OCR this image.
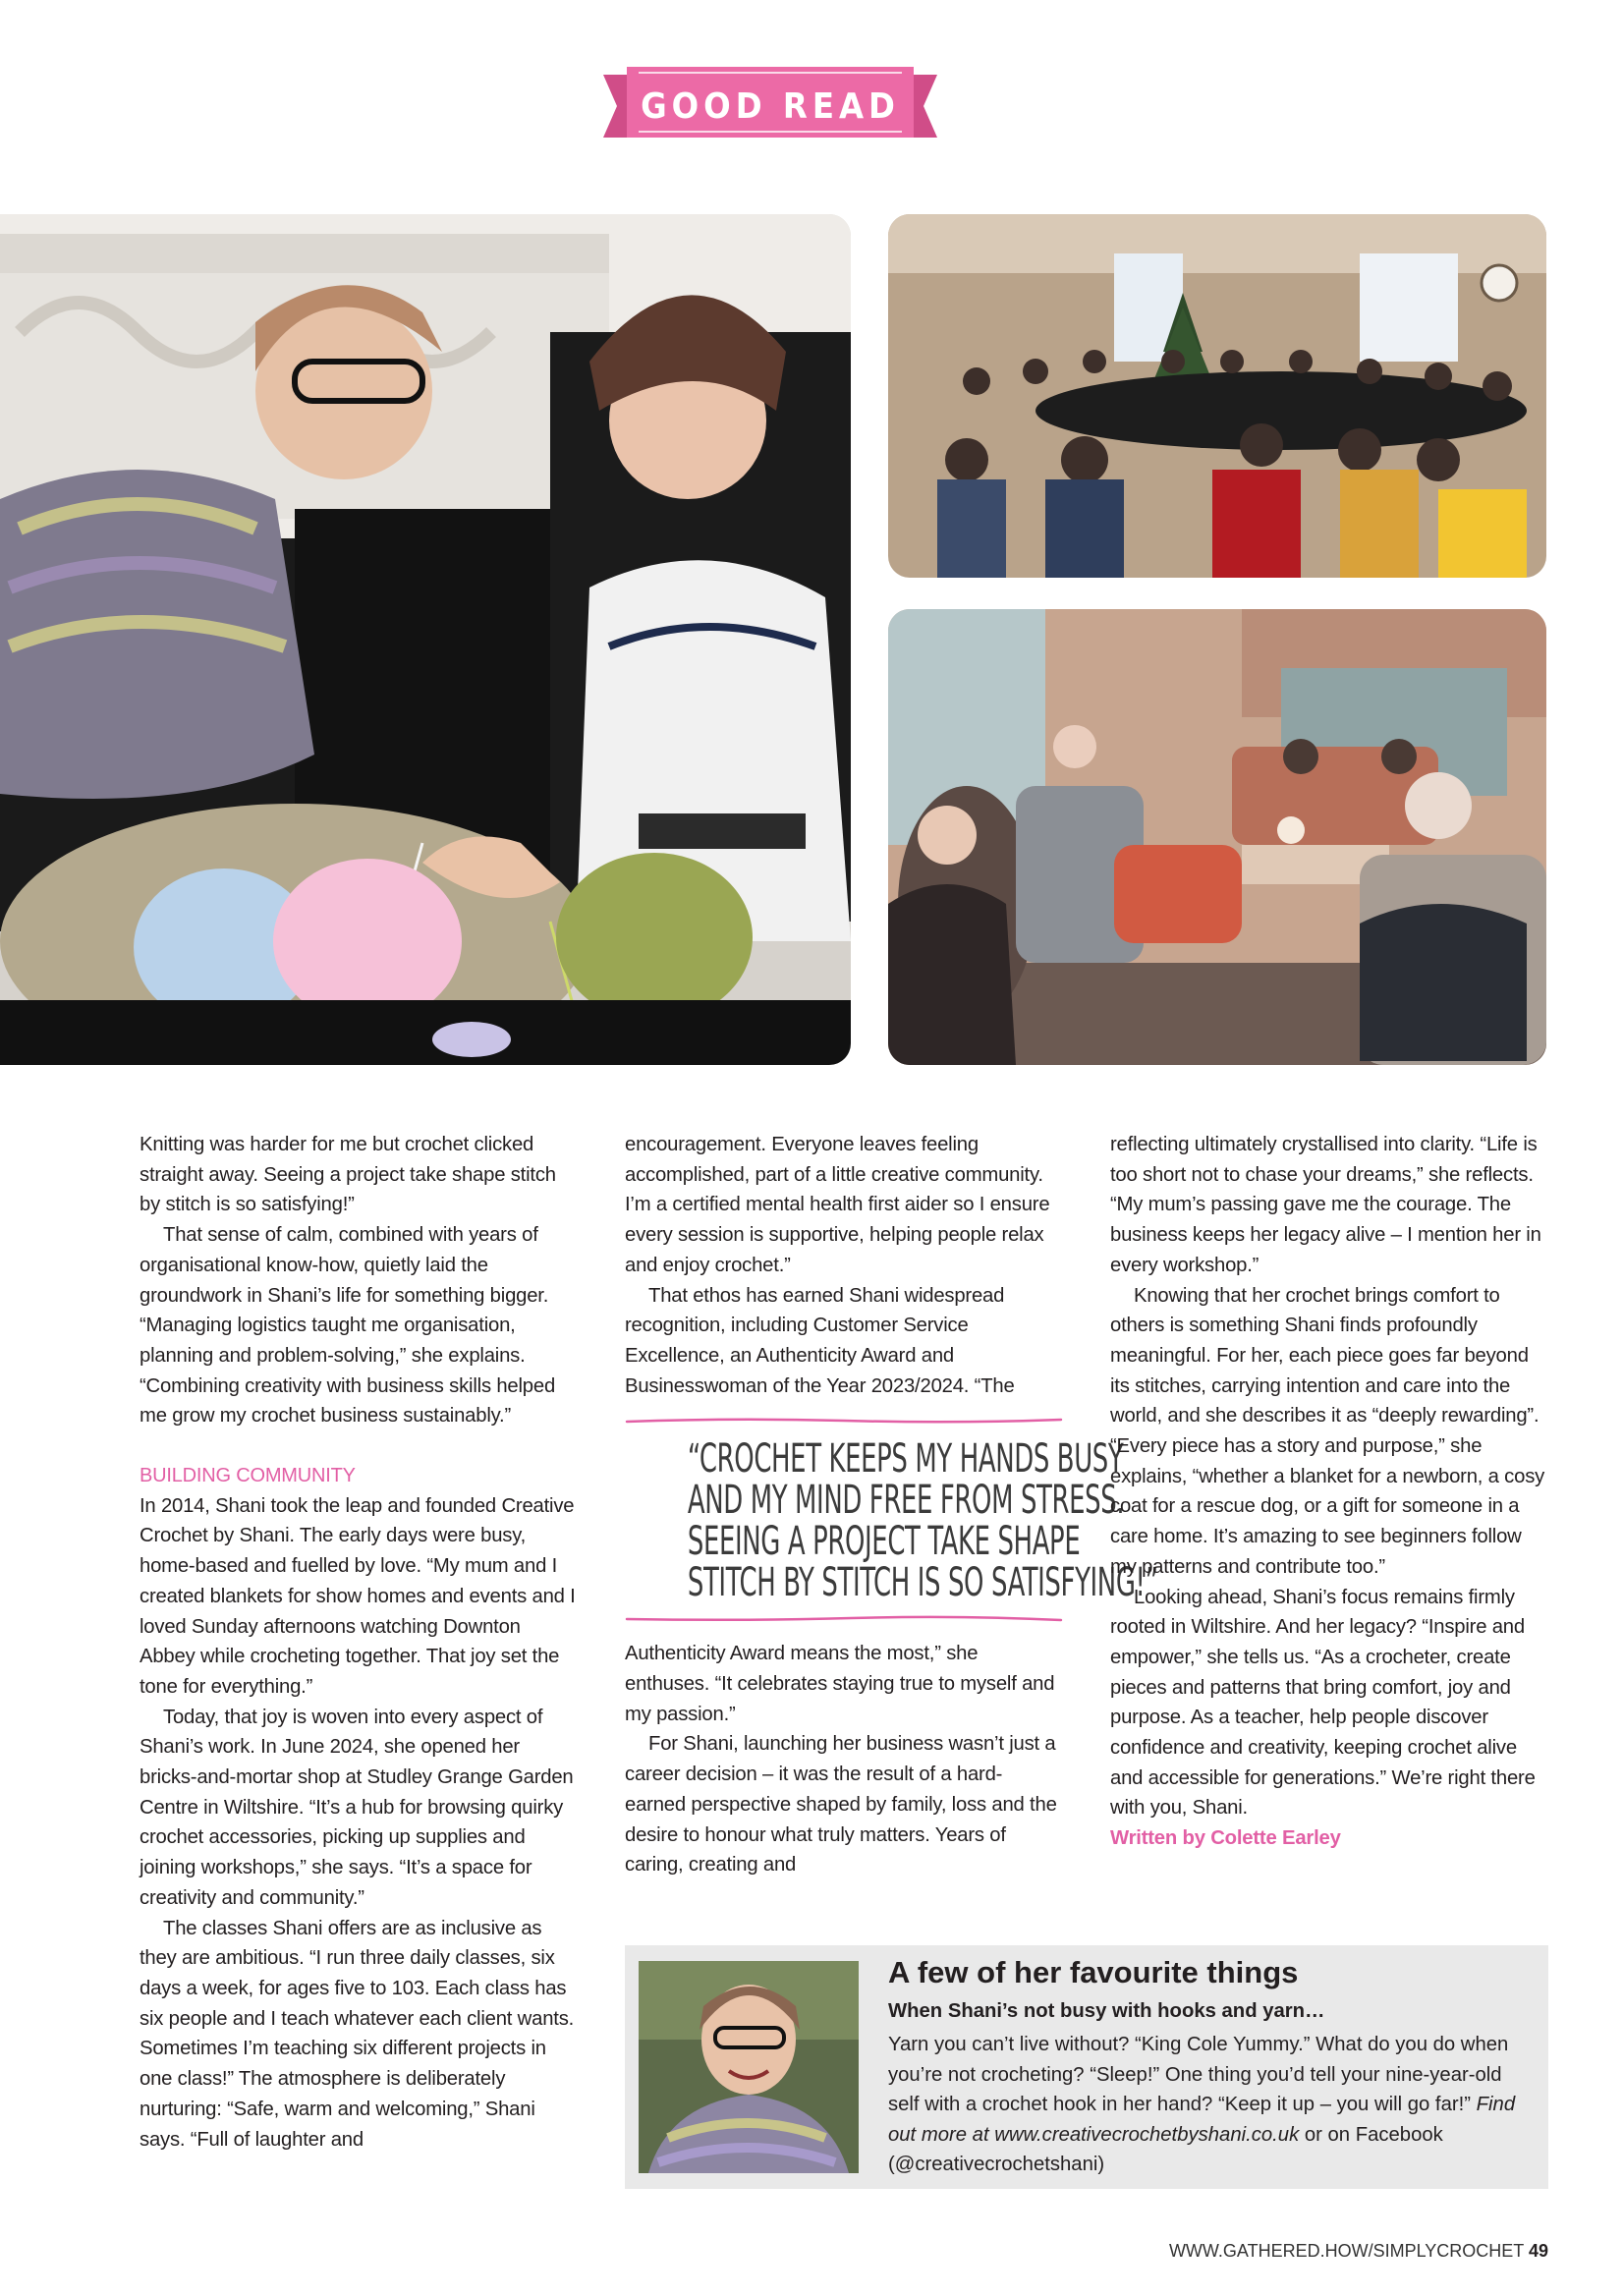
GOOD READ

Knitting was harder for me but crochet clicked straight away. Seeing a project take shape stitch by stitch is so satisfying!”

That sense of calm, combined with years of organisational know-how, quietly laid the groundwork in Shani’s life for something bigger. “Managing logistics taught me organisation, planning and problem-solving,” she explains. “Combining creativity with business skills helped me grow my crochet business sustainably.”

BUILDING COMMUNITY

In 2014, Shani took the leap and founded Creative Crochet by Shani. The early days were busy, home-based and fuelled by love. “My mum and I created blankets for show homes and events and I loved Sunday afternoons watching Downton Abbey while crocheting together. That joy set the tone for everything.”

Today, that joy is woven into every aspect of Shani’s work. In June 2024, she opened her bricks-and-mortar shop at Studley Grange Garden Centre in Wiltshire. “It’s a hub for browsing quirky crochet accessories, picking up supplies and joining workshops,” she says. “It’s a space for creativity and community.”

The classes Shani offers are as inclusive as they are ambitious. “I run three daily classes, six days a week, for ages five to 103. Each class has six people and I teach whatever each client wants. Sometimes I’m teaching six different projects in one class!” The atmosphere is deliberately nurturing: “Safe, warm and welcoming,” Shani says. “Full of laughter and

encouragement. Everyone leaves feeling accomplished, part of a little creative community. I’m a certified mental health first aider so I ensure every session is supportive, helping people relax and enjoy crochet.”

That ethos has earned Shani widespread recognition, including Customer Service Excellence, an Authenticity Award and Businesswoman of the Year 2023/2024. “The

“CROCHET KEEPS MY HANDS BUSY
AND MY MIND FREE FROM STRESS.
SEEING A PROJECT TAKE SHAPE
STITCH BY STITCH IS SO SATISFYING!”

Authenticity Award means the most,” she enthuses. “It celebrates staying true to myself and my passion.”

For Shani, launching her business wasn’t just a career decision – it was the result of a hard-earned perspective shaped by family, loss and the desire to honour what truly matters. Years of caring, creating and

reflecting ultimately crystallised into clarity. “Life is too short not to chase your dreams,” she reflects. “My mum’s passing gave me the courage. The business keeps her legacy alive – I mention her in every workshop.”

Knowing that her crochet brings comfort to others is something Shani finds profoundly meaningful. For her, each piece goes far beyond its stitches, carrying intention and care into the world, and she describes it as “deeply rewarding”. “Every piece has a story and purpose,” she explains, “whether a blanket for a newborn, a cosy coat for a rescue dog, or a gift for someone in a care home. It’s amazing to see beginners follow my patterns and contribute too.”

Looking ahead, Shani’s focus remains firmly rooted in Wiltshire. And her legacy? “Inspire and empower,” she tells us. “As a crocheter, create pieces and patterns that bring comfort, joy and purpose. As a teacher, help people discover confidence and creativity, keeping crochet alive and accessible for generations.” We’re right there with you, Shani.

Written by Colette Earley

A few of her favourite things
When Shani’s not busy with hooks and yarn…
Yarn you can’t live without? “King Cole Yummy.” What do you do when you’re not crocheting? “Sleep!” One thing you’d tell your nine-year-old self with a crochet hook in her hand? “Keep it up – you will go far!” Find out more at www.creativecrochetbyshani.co.uk or on Facebook (@creativecrochetshani)
WWW.GATHERED.HOW/SIMPLYCROCHET 49
